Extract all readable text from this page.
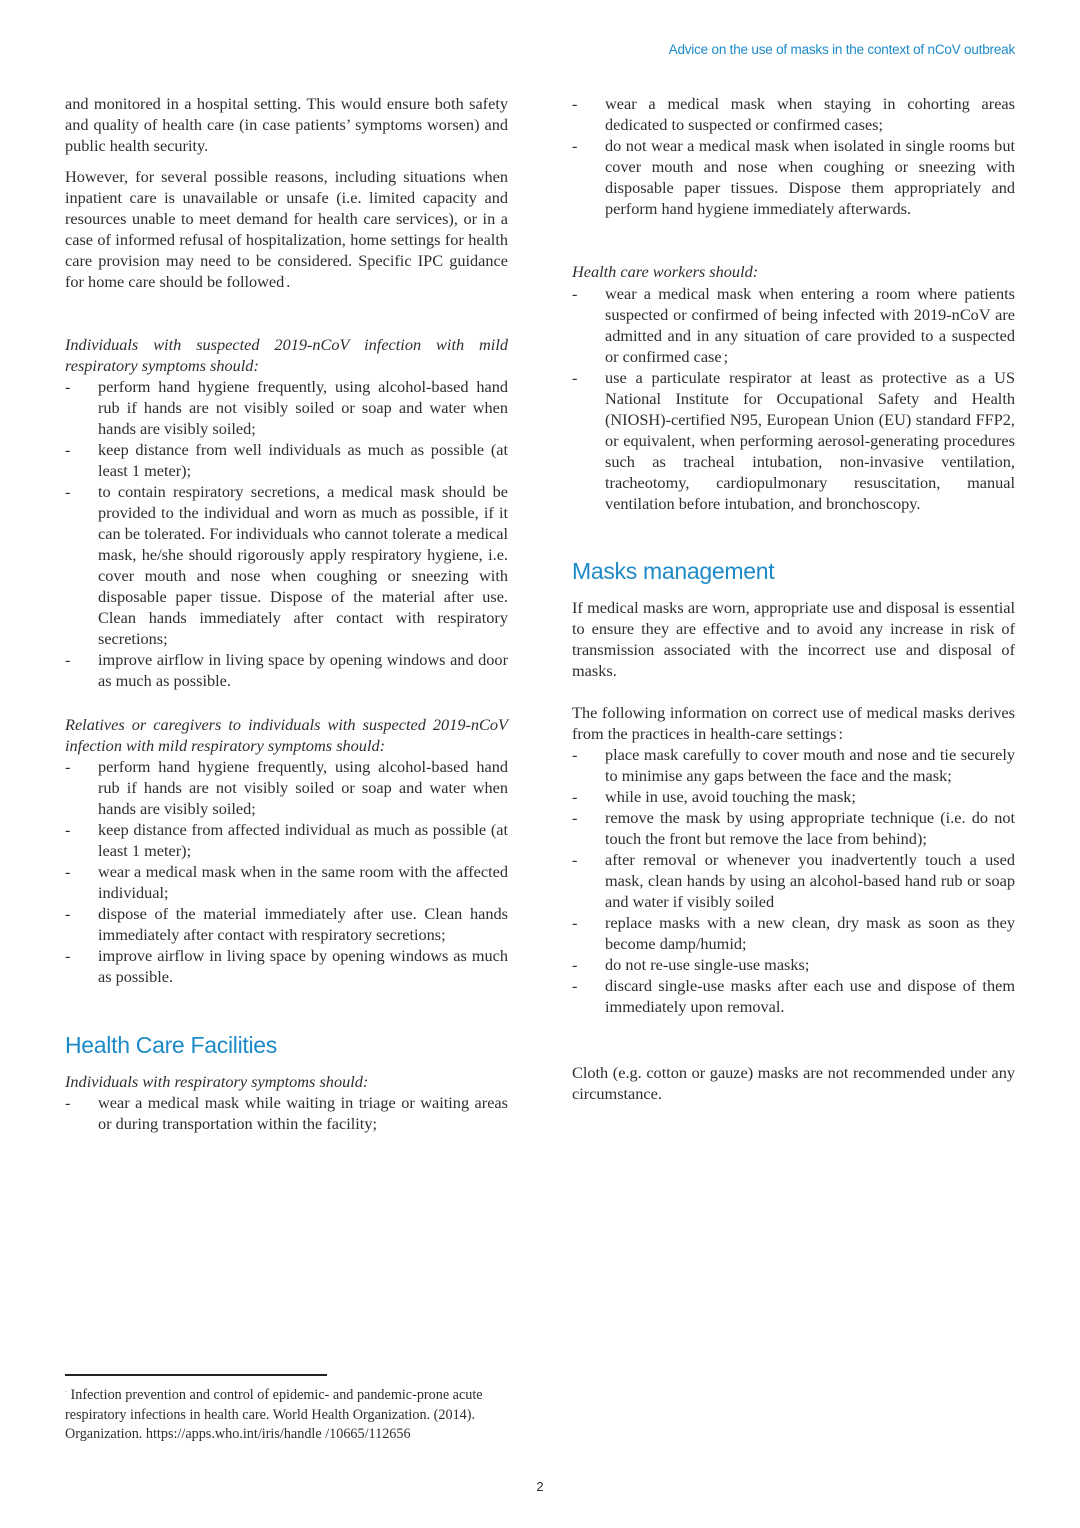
Advice on the use of masks in the context of nCoV outbreak

and monitored in a hospital setting. This would ensure both safety and quality of health care (in case patients’ symptoms worsen) and public health security.

However, for several possible reasons, including situations when inpatient care is unavailable or unsafe (i.e. limited capacity and resources unable to meet demand for health care services), or in a case of informed refusal of hospitalization, home settings for health care provision may need to be considered. Specific IPC guidance for home care should be followed·.

Individuals with suspected 2019-nCoV infection with mild respiratory symptoms should:
- perform hand hygiene frequently, using alcohol-based hand rub if hands are not visibly soiled or soap and water when hands are visibly soiled;
- keep distance from well individuals as much as possible (at least 1 meter);
- to contain respiratory secretions, a medical mask should be provided to the individual and worn as much as possible, if it can be tolerated. For individuals who cannot tolerate a medical mask, he/she should rigorously apply respiratory hygiene, i.e. cover mouth and nose when coughing or sneezing with disposable paper tissue. Dispose of the material after use. Clean hands immediately after contact with respiratory secretions;
- improve airflow in living space by opening windows and door as much as possible.
Relatives or caregivers to individuals with suspected 2019-nCoV infection with mild respiratory symptoms should:
- perform hand hygiene frequently, using alcohol-based hand rub if hands are not visibly soiled or soap and water when hands are visibly soiled;
- keep distance from affected individual as much as possible (at least 1 meter);
- wear a medical mask when in the same room with the affected individual;
- dispose of the material immediately after use. Clean hands immediately after contact with respiratory secretions;
- improve airflow in living space by opening windows as much as possible.
Health Care Facilities
Individuals with respiratory symptoms should:
- wear a medical mask while waiting in triage or waiting areas or during transportation within the facility;
- wear a medical mask when staying in cohorting areas dedicated to suspected or confirmed cases;
- do not wear a medical mask when isolated in single rooms but cover mouth and nose when coughing or sneezing with disposable paper tissues. Dispose them appropriately and perform hand hygiene immediately afterwards.
Health care workers should:
- wear a medical mask when entering a room where patients suspected or confirmed of being infected with 2019-nCoV are admitted and in any situation of care provided to a suspected or confirmed case·;
- use a particulate respirator at least as protective as a US National Institute for Occupational Safety and Health (NIOSH)-certified N95, European Union (EU) standard FFP2, or equivalent, when performing aerosol-generating procedures such as tracheal intubation, non-invasive ventilation, tracheotomy, cardiopulmonary resuscitation, manual ventilation before intubation, and bronchoscopy.
Masks management
If medical masks are worn, appropriate use and disposal is essential to ensure they are effective and to avoid any increase in risk of transmission associated with the incorrect use and disposal of masks.
The following information on correct use of medical masks derives from the practices in health-care settings·:
- place mask carefully to cover mouth and nose and tie securely to minimise any gaps between the face and the mask;
- while in use, avoid touching the mask;
- remove the mask by using appropriate technique (i.e. do not touch the front but remove the lace from behind);
- after removal or whenever you inadvertently touch a used mask, clean hands by using an alcohol-based hand rub or soap and water if visibly soiled
- replace masks with a new clean, dry mask as soon as they become damp/humid;
- do not re-use single-use masks;
- discard single-use masks after each use and dispose of them immediately upon removal.
Cloth (e.g. cotton or gauze) masks are not recommended under any circumstance.
· Infection prevention and control of epidemic- and pandemic-prone acute respiratory infections in health care. World Health Organization. (2014). Organization. https://apps.who.int/iris/handle /10665/112656
2
